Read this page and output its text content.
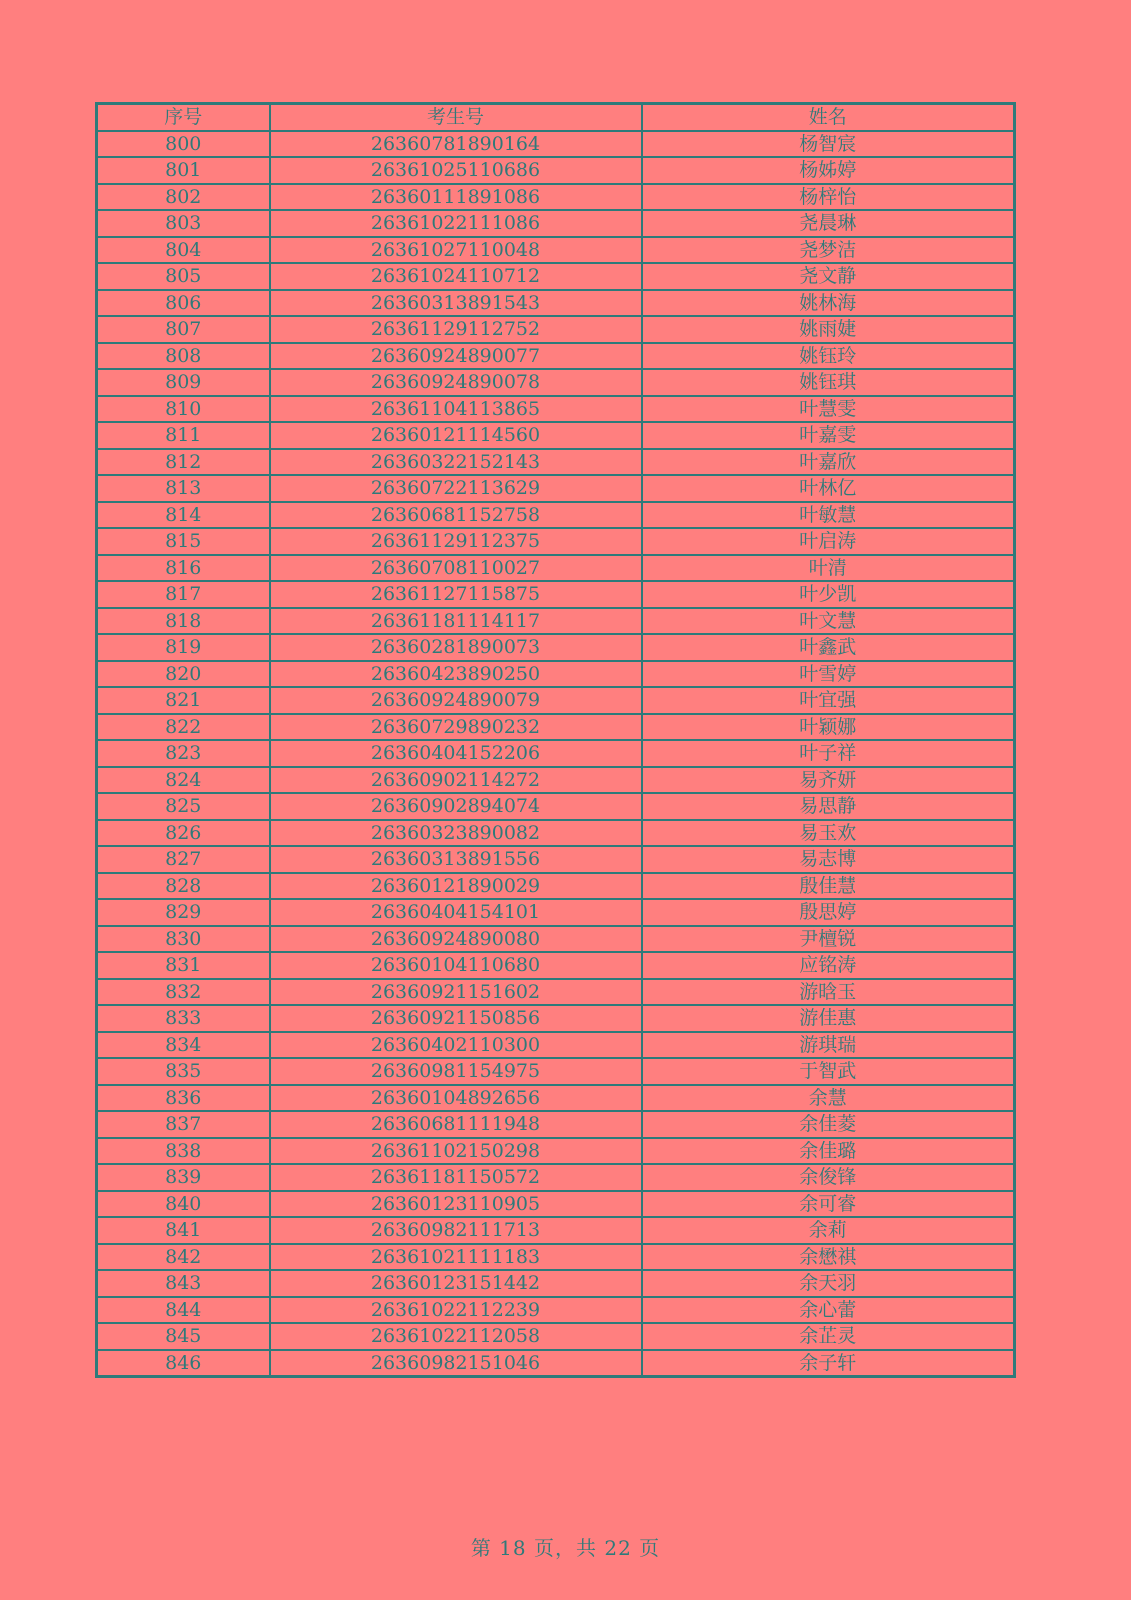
序号	考生号	姓名
800	26360781890164	杨智宸
801	26361025110686	杨姊婷
802	26360111891086	杨梓怡
803	26361022111086	尧晨琳
804	26361027110048	尧梦洁
805	26361024110712	尧文静
806	26360313891543	姚林海
807	26361129112752	姚雨婕
808	26360924890077	姚钰玲
809	26360924890078	姚钰琪
810	26361104113865	叶慧雯
811	26360121114560	叶嘉雯
812	26360322152143	叶嘉欣
813	26360722113629	叶林亿
814	26360681152758	叶敏慧
815	26361129112375	叶启涛
816	26360708110027	叶清
817	26361127115875	叶少凯
818	26361181114117	叶文慧
819	26360281890073	叶鑫武
820	26360423890250	叶雪婷
821	26360924890079	叶宜强
822	26360729890232	叶颖娜
823	26360404152206	叶子祥
824	26360902114272	易齐妍
825	26360902894074	易思静
826	26360323890082	易玉欢
827	26360313891556	易志博
828	26360121890029	殷佳慧
829	26360404154101	殷思婷
830	26360924890080	尹檀锐
831	26360104110680	应铭涛
832	26360921151602	游晗玉
833	26360921150856	游佳惠
834	26360402110300	游琪瑞
835	26360981154975	于智武
836	26360104892656	余慧
837	26360681111948	余佳菱
838	26361102150298	余佳璐
839	26361181150572	余俊锋
840	26360123110905	余可睿
841	26360982111713	余莉
842	26361021111183	余懋祺
843	26360123151442	余天羽
844	26361022112239	余心蕾
845	26361022112058	余芷灵
846	26360982151046	余子轩
第 18 页，共 22 页
